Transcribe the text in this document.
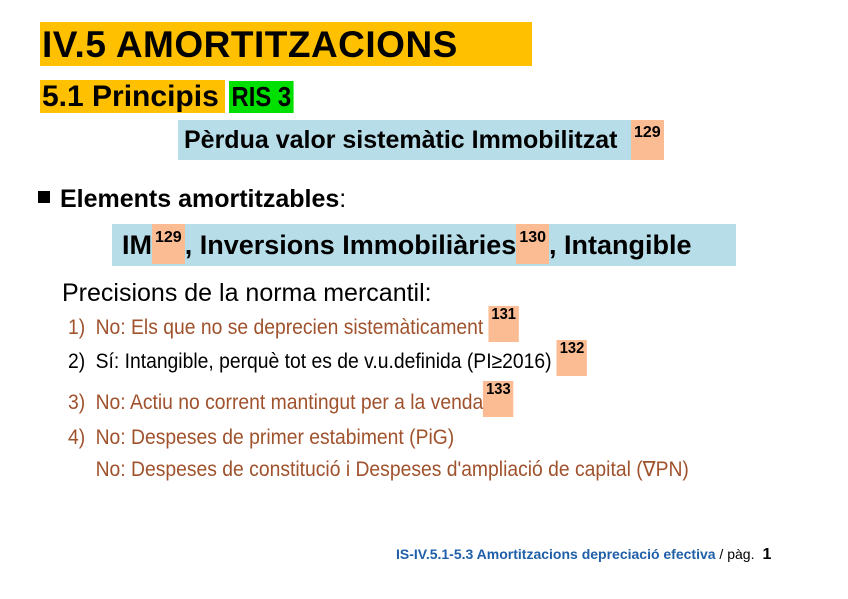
IV.5 AMORTITZACIONS
5.1 Principis RIS 3
Pèrdua valor sistemàtic Immobilitzat	129
Elements amortitzables:
IM 129 , Inversions Immobiliàries 130 , Intangible
Precisions de la norma mercantil:
1) No: Els que no se deprecien sistemàticament 131
2) Sí: Intangible, perquè tot es de v.u.definida (PI≥2016) 132
3) No: Actiu no corrent mantingut per a la venda133
4) No: Despeses de primer estabiment (PiG)
No: Despeses de constitució i Despeses d'ampliació de capital (∇PN)
IS-IV.5.1-5.3 Amortitzacions depreciació efectiva / pàg. 1
